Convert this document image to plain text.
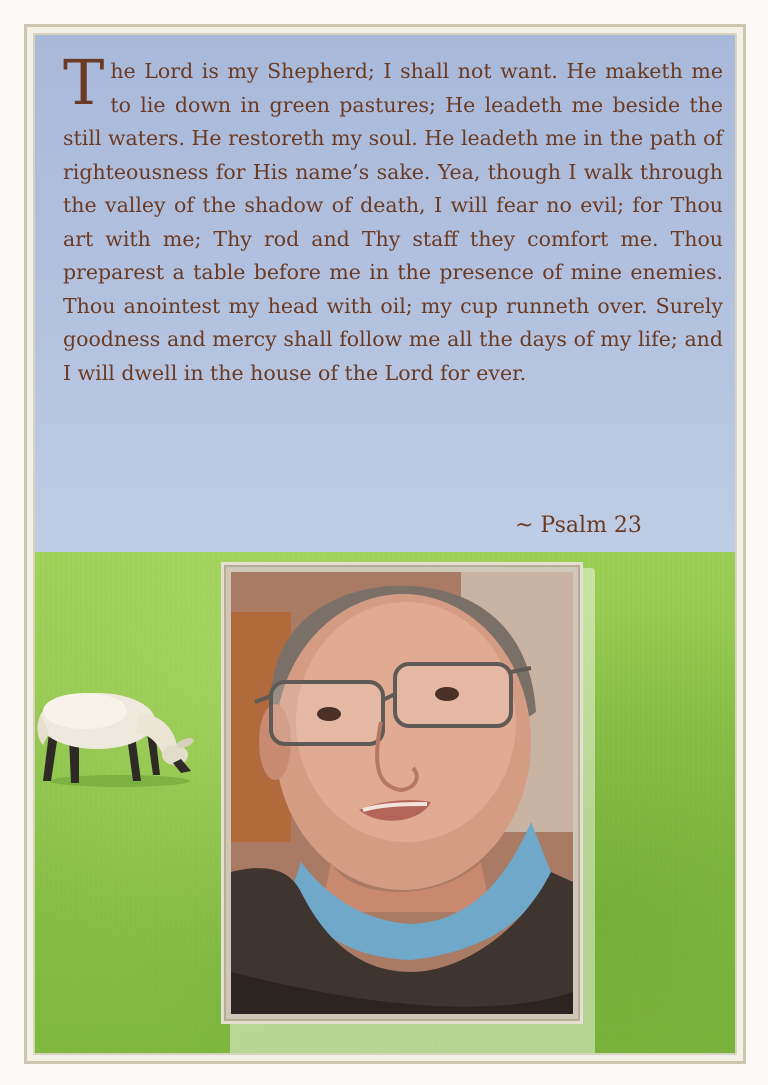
The Lord is my Shepherd; I shall not want. He maketh me to lie down in green pastures; He leadeth me beside the still waters. He restoreth my soul. He leadeth me in the path of righteousness for His name’s sake. Yea, though I walk through the valley of the shadow of death, I will fear no evil; for Thou art with me; Thy rod and Thy staff they comfort me. Thou preparest a table before me in the presence of mine enemies. Thou anointest my head with oil; my cup runneth over. Surely goodness and mercy shall follow me all the days of my life; and I will dwell in the house of the Lord for ever.

~ Psalm 23
